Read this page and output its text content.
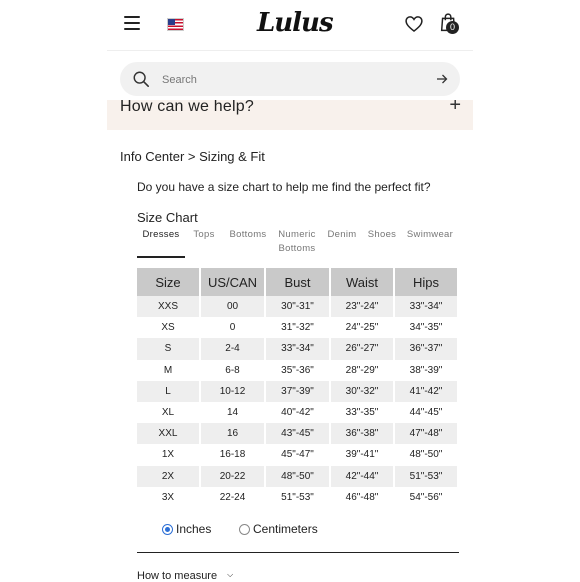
Lulus	0
Search
How can we help?	+
Info Center > Sizing & Fit
Do you have a size chart to help me find the perfect fit?
Size Chart
Dresses	Tops	Bottoms Numeric Bottoms
Denim Shoes Swimwear
Size	US/CAN	Bust	Waist	Hips
XXS	00	30"-31"	23"-24"	33"-34"
XS	0	31"-32"	24"-25"	34"-35"
S	2-4	33"-34"	26"-27"	36"-37"
M	6-8	35"-36"	28"-29"	38"-39"
L	10-12	37"-39"	30"-32"	41"-42"
XL	14	40"-42"	33"-35"	44"-45"
XXL	16	43"-45"	36"-38"	47"-48"
1X	16-18	45"-47"	39"-41"	48"-50"
2X	20-22	48"-50"	42"-44"	51"-53"
3X	22-24	51"-53"	46"-48"	54"-56"
Inches	Centimeters
How to measure ⌵
